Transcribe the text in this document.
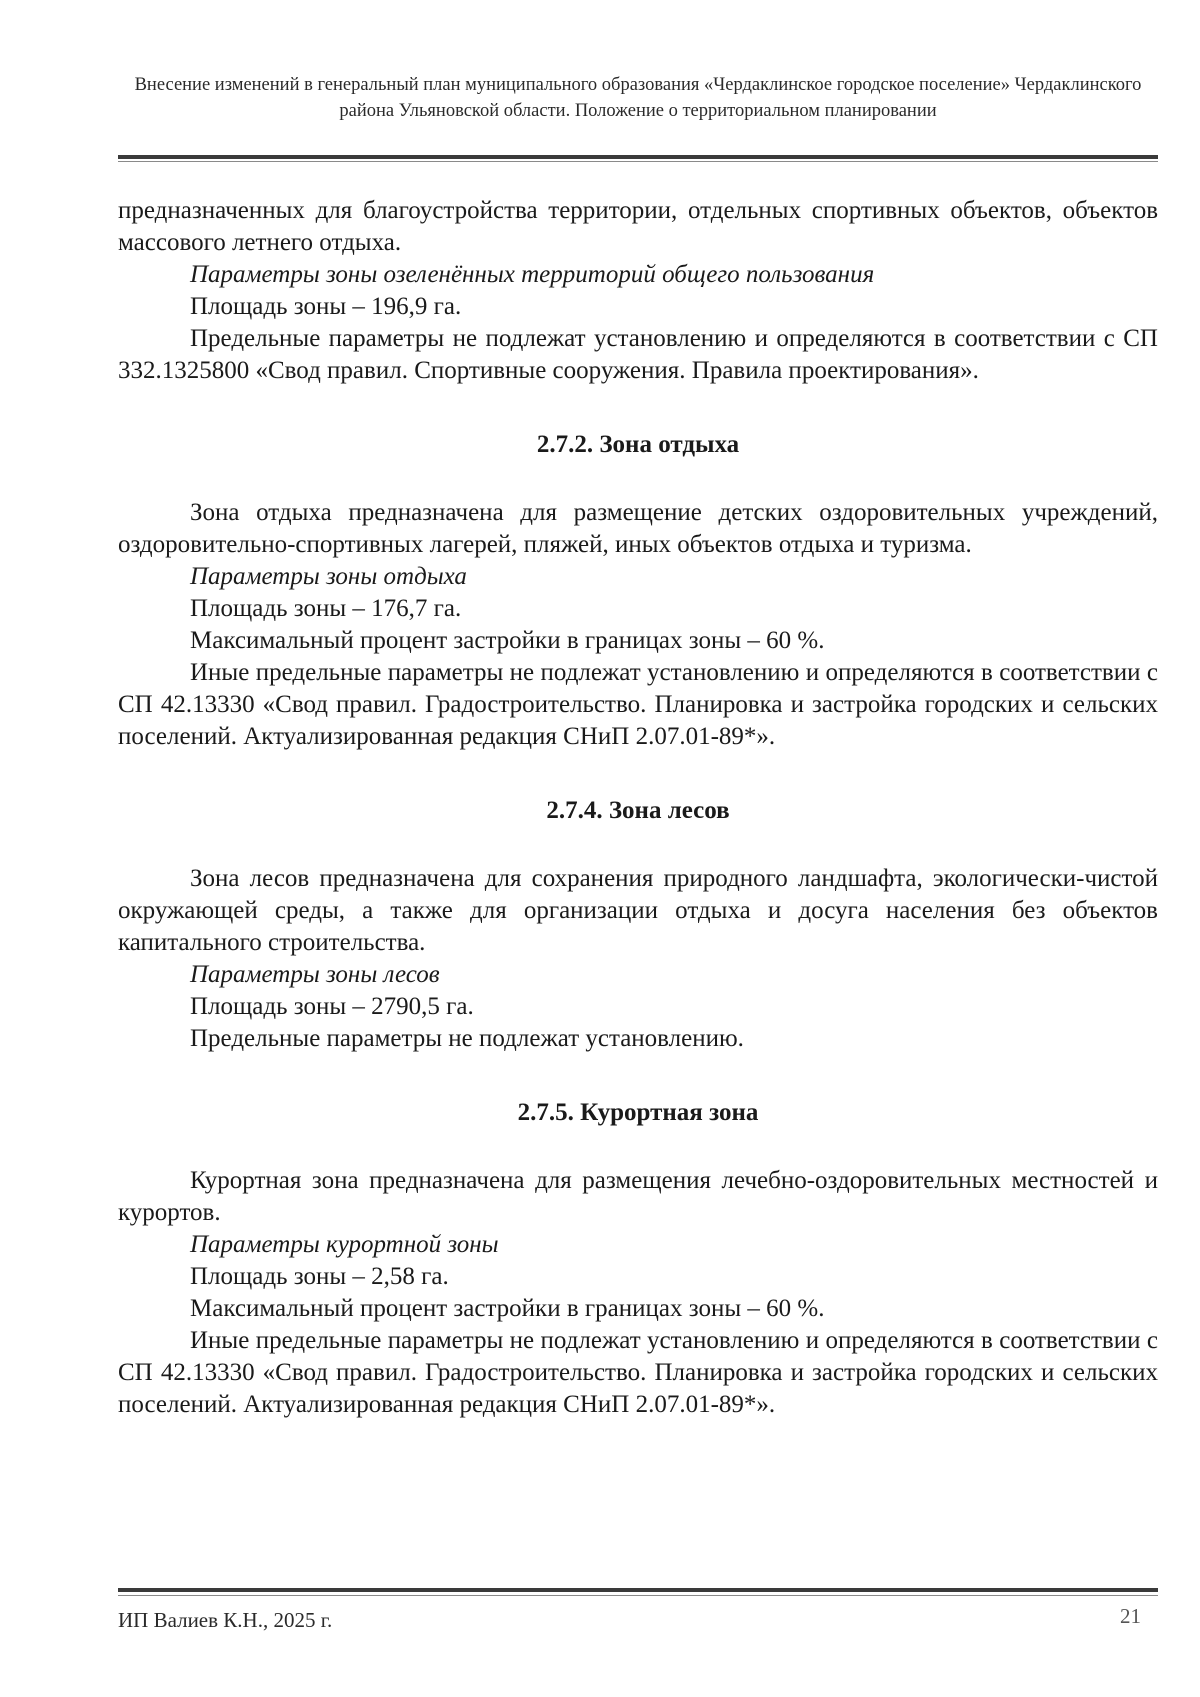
Внесение изменений в генеральный план муниципального образования «Чердаклинское городское поселение» Чердаклинского района Ульяновской области. Положение о территориальном планировании

предназначенных для благоустройства территории, отдельных спортивных объектов, объектов массового летнего отдыха.

Параметры зоны озеленённых территорий общего пользования

Площадь зоны – 196,9 га.

Предельные параметры не подлежат установлению и определяются в соответствии с СП 332.1325800 «Свод правил. Спортивные сооружения. Правила проектирования».

2.7.2. Зона отдыха

Зона отдыха предназначена для размещение детских оздоровительных учреждений, оздоровительно-спортивных лагерей, пляжей, иных объектов отдыха и туризма.

Параметры зоны отдыха

Площадь зоны – 176,7 га.

Максимальный процент застройки в границах зоны – 60 %.

Иные предельные параметры не подлежат установлению и определяются в соответствии с СП 42.13330 «Свод правил. Градостроительство. Планировка и застройка городских и сельских поселений. Актуализированная редакция СНиП 2.07.01-89*».

2.7.4. Зона лесов

Зона лесов предназначена для сохранения природного ландшафта, экологически-чистой окружающей среды, а также для организации отдыха и досуга населения без объектов капитального строительства.

Параметры зоны лесов

Площадь зоны – 2790,5 га.

Предельные параметры не подлежат установлению.

2.7.5. Курортная зона

Курортная зона предназначена для размещения лечебно-оздоровительных местностей и курортов.

Параметры курортной зоны

Площадь зоны – 2,58 га.

Максимальный процент застройки в границах зоны – 60 %.

Иные предельные параметры не подлежат установлению и определяются в соответствии с СП 42.13330 «Свод правил. Градостроительство. Планировка и застройка городских и сельских поселений. Актуализированная редакция СНиП 2.07.01-89*».

ИП Валиев К.Н., 2025 г.	21
